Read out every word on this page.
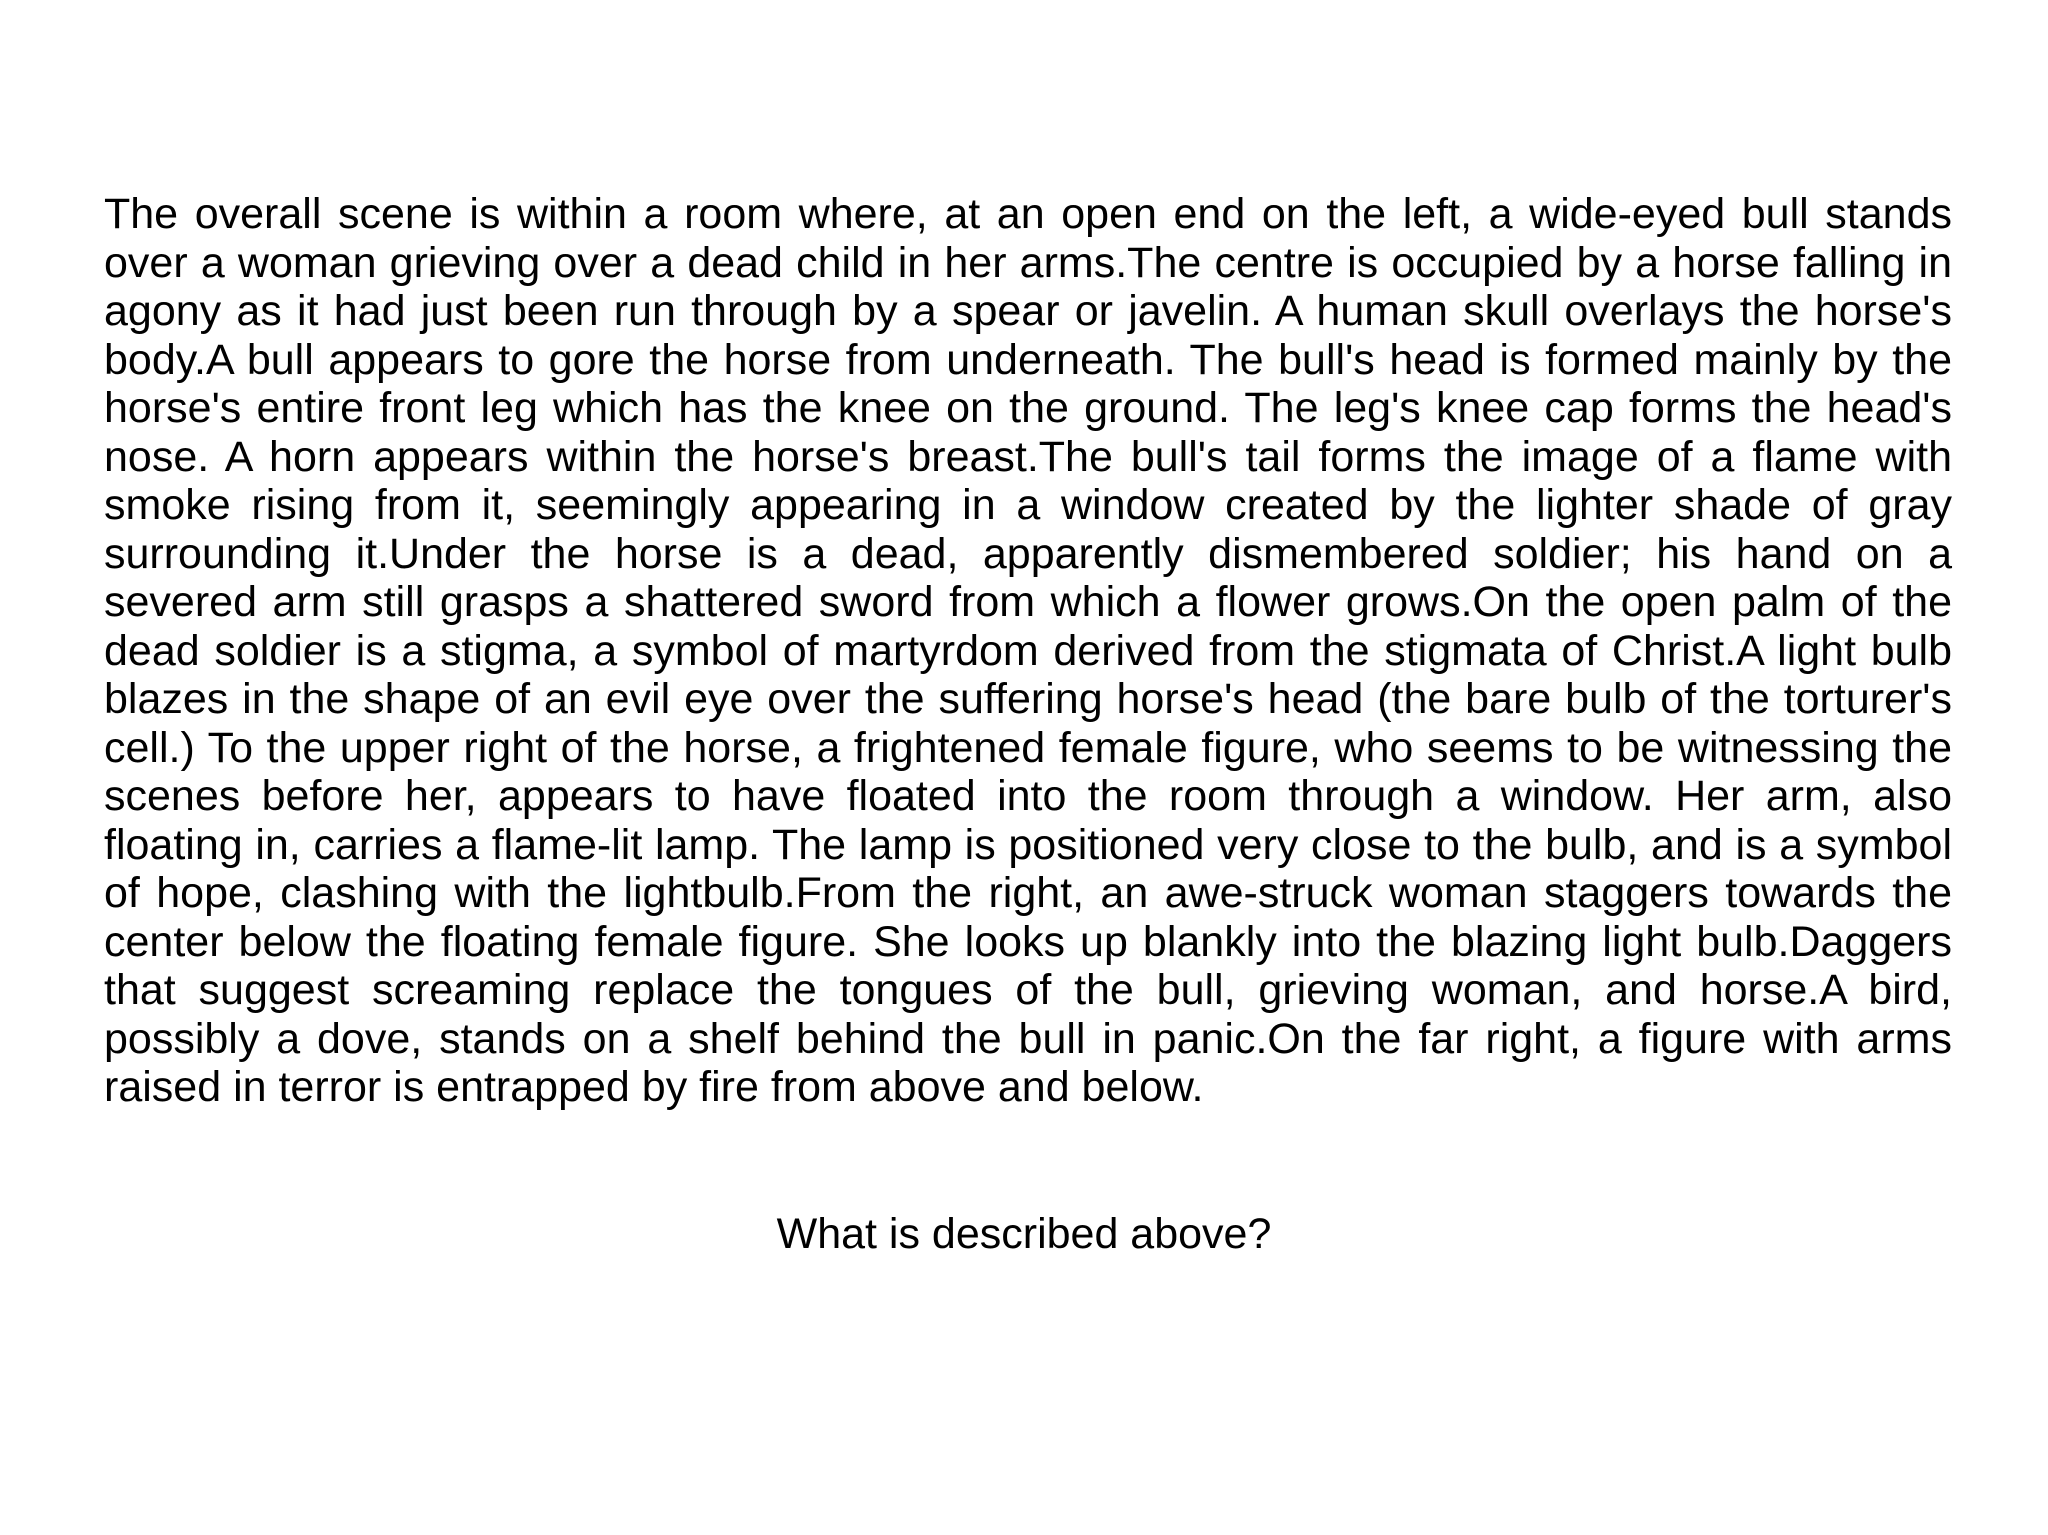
The overall scene is within a room where, at an open end on the left, a wide-eyed bull stands over a woman grieving over a dead child in her arms.The centre is occupied by a horse falling in agony as it had just been run through by a spear or javelin. A human skull overlays the horse's body.A bull appears to gore the horse from underneath. The bull's head is formed mainly by the horse's entire front leg which has the knee on the ground. The leg's knee cap forms the head's nose. A horn appears within the horse's breast.The bull's tail forms the image of a flame with smoke rising from it, seemingly appearing in a window created by the lighter shade of gray surrounding it.Under the horse is a dead, apparently dismembered soldier; his hand on a severed arm still grasps a shattered sword from which a flower grows.On the open palm of the dead soldier is a stigma, a symbol of martyrdom derived from the stigmata of Christ.A light bulb blazes in the shape of an evil eye over the suffering horse's head (the bare bulb of the torturer's cell.) To the upper right of the horse, a frightened female figure, who seems to be witnessing the scenes before her, appears to have floated into the room through a window. Her arm, also floating in, carries a flame-lit lamp. The lamp is positioned very close to the bulb, and is a symbol of hope, clashing with the lightbulb.From the right, an awe-struck woman staggers towards the center below the floating female figure. She looks up blankly into the blazing light bulb.Daggers that suggest screaming replace the tongues of the bull, grieving woman, and horse.A bird, possibly a dove, stands on a shelf behind the bull in panic.On the far right, a figure with arms raised in terror is entrapped by fire from above and below.

What is described above?
